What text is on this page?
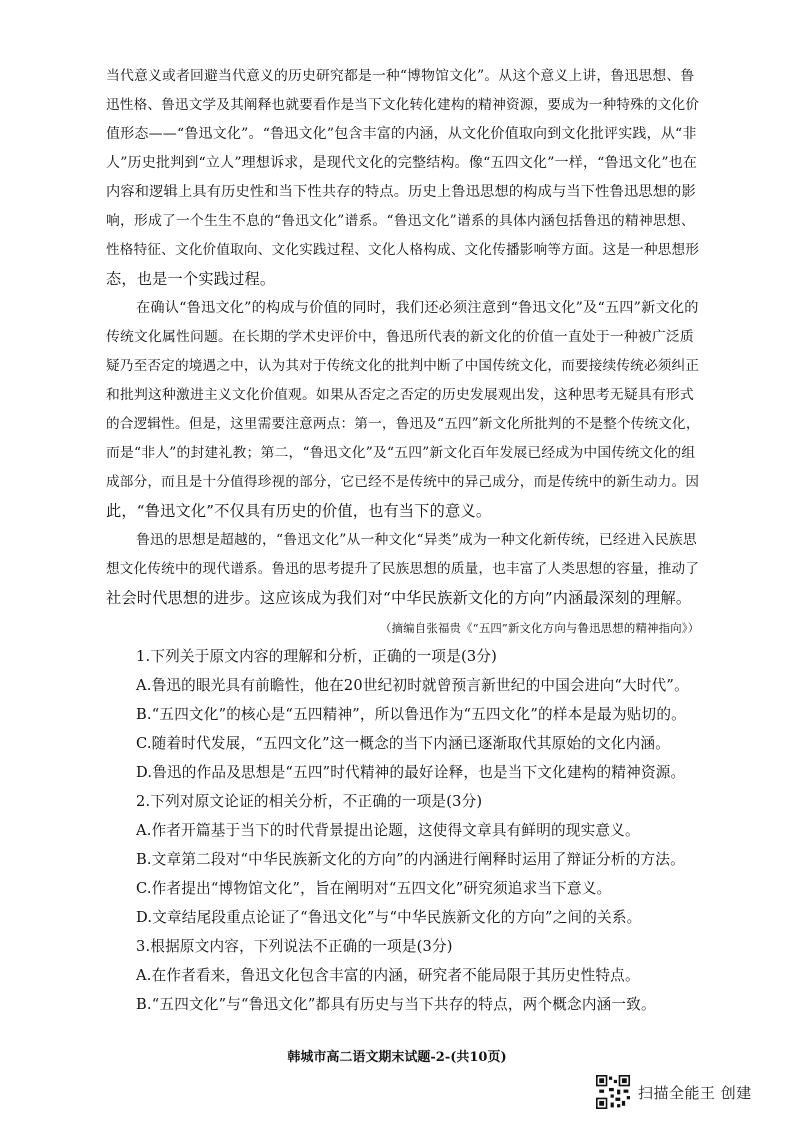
当代意义或者回避当代意义的历史研究都是一种“博物馆文化”。从这个意义上讲，鲁迅思想、鲁
迅性格、鲁迅文学及其阐释也就要看作是当下文化转化建构的精神资源，要成为一种特殊的文化价
值形态——“鲁迅文化”。“鲁迅文化”包含丰富的内涵，从文化价值取向到文化批评实践，从“非
人”历史批判到“立人”理想诉求，是现代文化的完整结构。像“五四文化”一样，“鲁迅文化”也在
内容和逻辑上具有历史性和当下性共存的特点。历史上鲁迅思想的构成与当下性鲁迅思想的影
响，形成了一个生生不息的“鲁迅文化”谱系。“鲁迅文化”谱系的具体内涵包括鲁迅的精神思想、
性格特征、文化价值取向、文化实践过程、文化人格构成、文化传播影响等方面。这是一种思想形
态，也是一个实践过程。
在确认“鲁迅文化”的构成与价值的同时，我们还必须注意到“鲁迅文化”及“五四”新文化的
传统文化属性问题。在长期的学术史评价中，鲁迅所代表的新文化的价值一直处于一种被广泛质
疑乃至否定的境遇之中，认为其对于传统文化的批判中断了中国传统文化，而要接续传统必须纠正
和批判这种激进主义文化价值观。如果从否定之否定的历史发展观出发，这种思考无疑具有形式
的合逻辑性。但是，这里需要注意两点：第一，鲁迅及“五四”新文化所批判的不是整个传统文化，
而是“非人”的封建礼教；第二，“鲁迅文化”及“五四”新文化百年发展已经成为中国传统文化的组
成部分，而且是十分值得珍视的部分，它已经不是传统中的异己成分，而是传统中的新生动力。因
此，“鲁迅文化”不仅具有历史的价值，也有当下的意义。
鲁迅的思想是超越的，“鲁迅文化”从一种文化“异类”成为一种文化新传统，已经进入民族思
想文化传统中的现代谱系。鲁迅的思考提升了民族思想的质量，也丰富了人类思想的容量，推动了
社会时代思想的进步。这应该成为我们对“中华民族新文化的方向”内涵最深刻的理解。
（摘编自张福贵《“五四”新文化方向与鲁迅思想的精神指向》）
1.下列关于原文内容的理解和分析，正确的一项是(3分)
A.鲁迅的眼光具有前瞻性，他在20世纪初时就曾预言新世纪的中国会进向“大时代”。
B.“五四文化”的核心是“五四精神”，所以鲁迅作为“五四文化”的样本是最为贴切的。
C.随着时代发展，“五四文化”这一概念的当下内涵已逐渐取代其原始的文化内涵。
D.鲁迅的作品及思想是“五四”时代精神的最好诠释，也是当下文化建构的精神资源。
2.下列对原文论证的相关分析，不正确的一项是(3分)
A.作者开篇基于当下的时代背景提出论题，这使得文章具有鲜明的现实意义。
B.文章第二段对“中华民族新文化的方向”的内涵进行阐释时运用了辩证分析的方法。
C.作者提出“博物馆文化”，旨在阐明对“五四文化”研究须追求当下意义。
D.文章结尾段重点论证了“鲁迅文化”与“中华民族新文化的方向”之间的关系。
3.根据原文内容，下列说法不正确的一项是(3分)
A.在作者看来，鲁迅文化包含丰富的内涵，研究者不能局限于其历史性特点。
B.“五四文化”与“鲁迅文化”都具有历史与当下共存的特点，两个概念内涵一致。
韩城市高二语文期末试题-2-(共10页)
扫描全能王 创建
